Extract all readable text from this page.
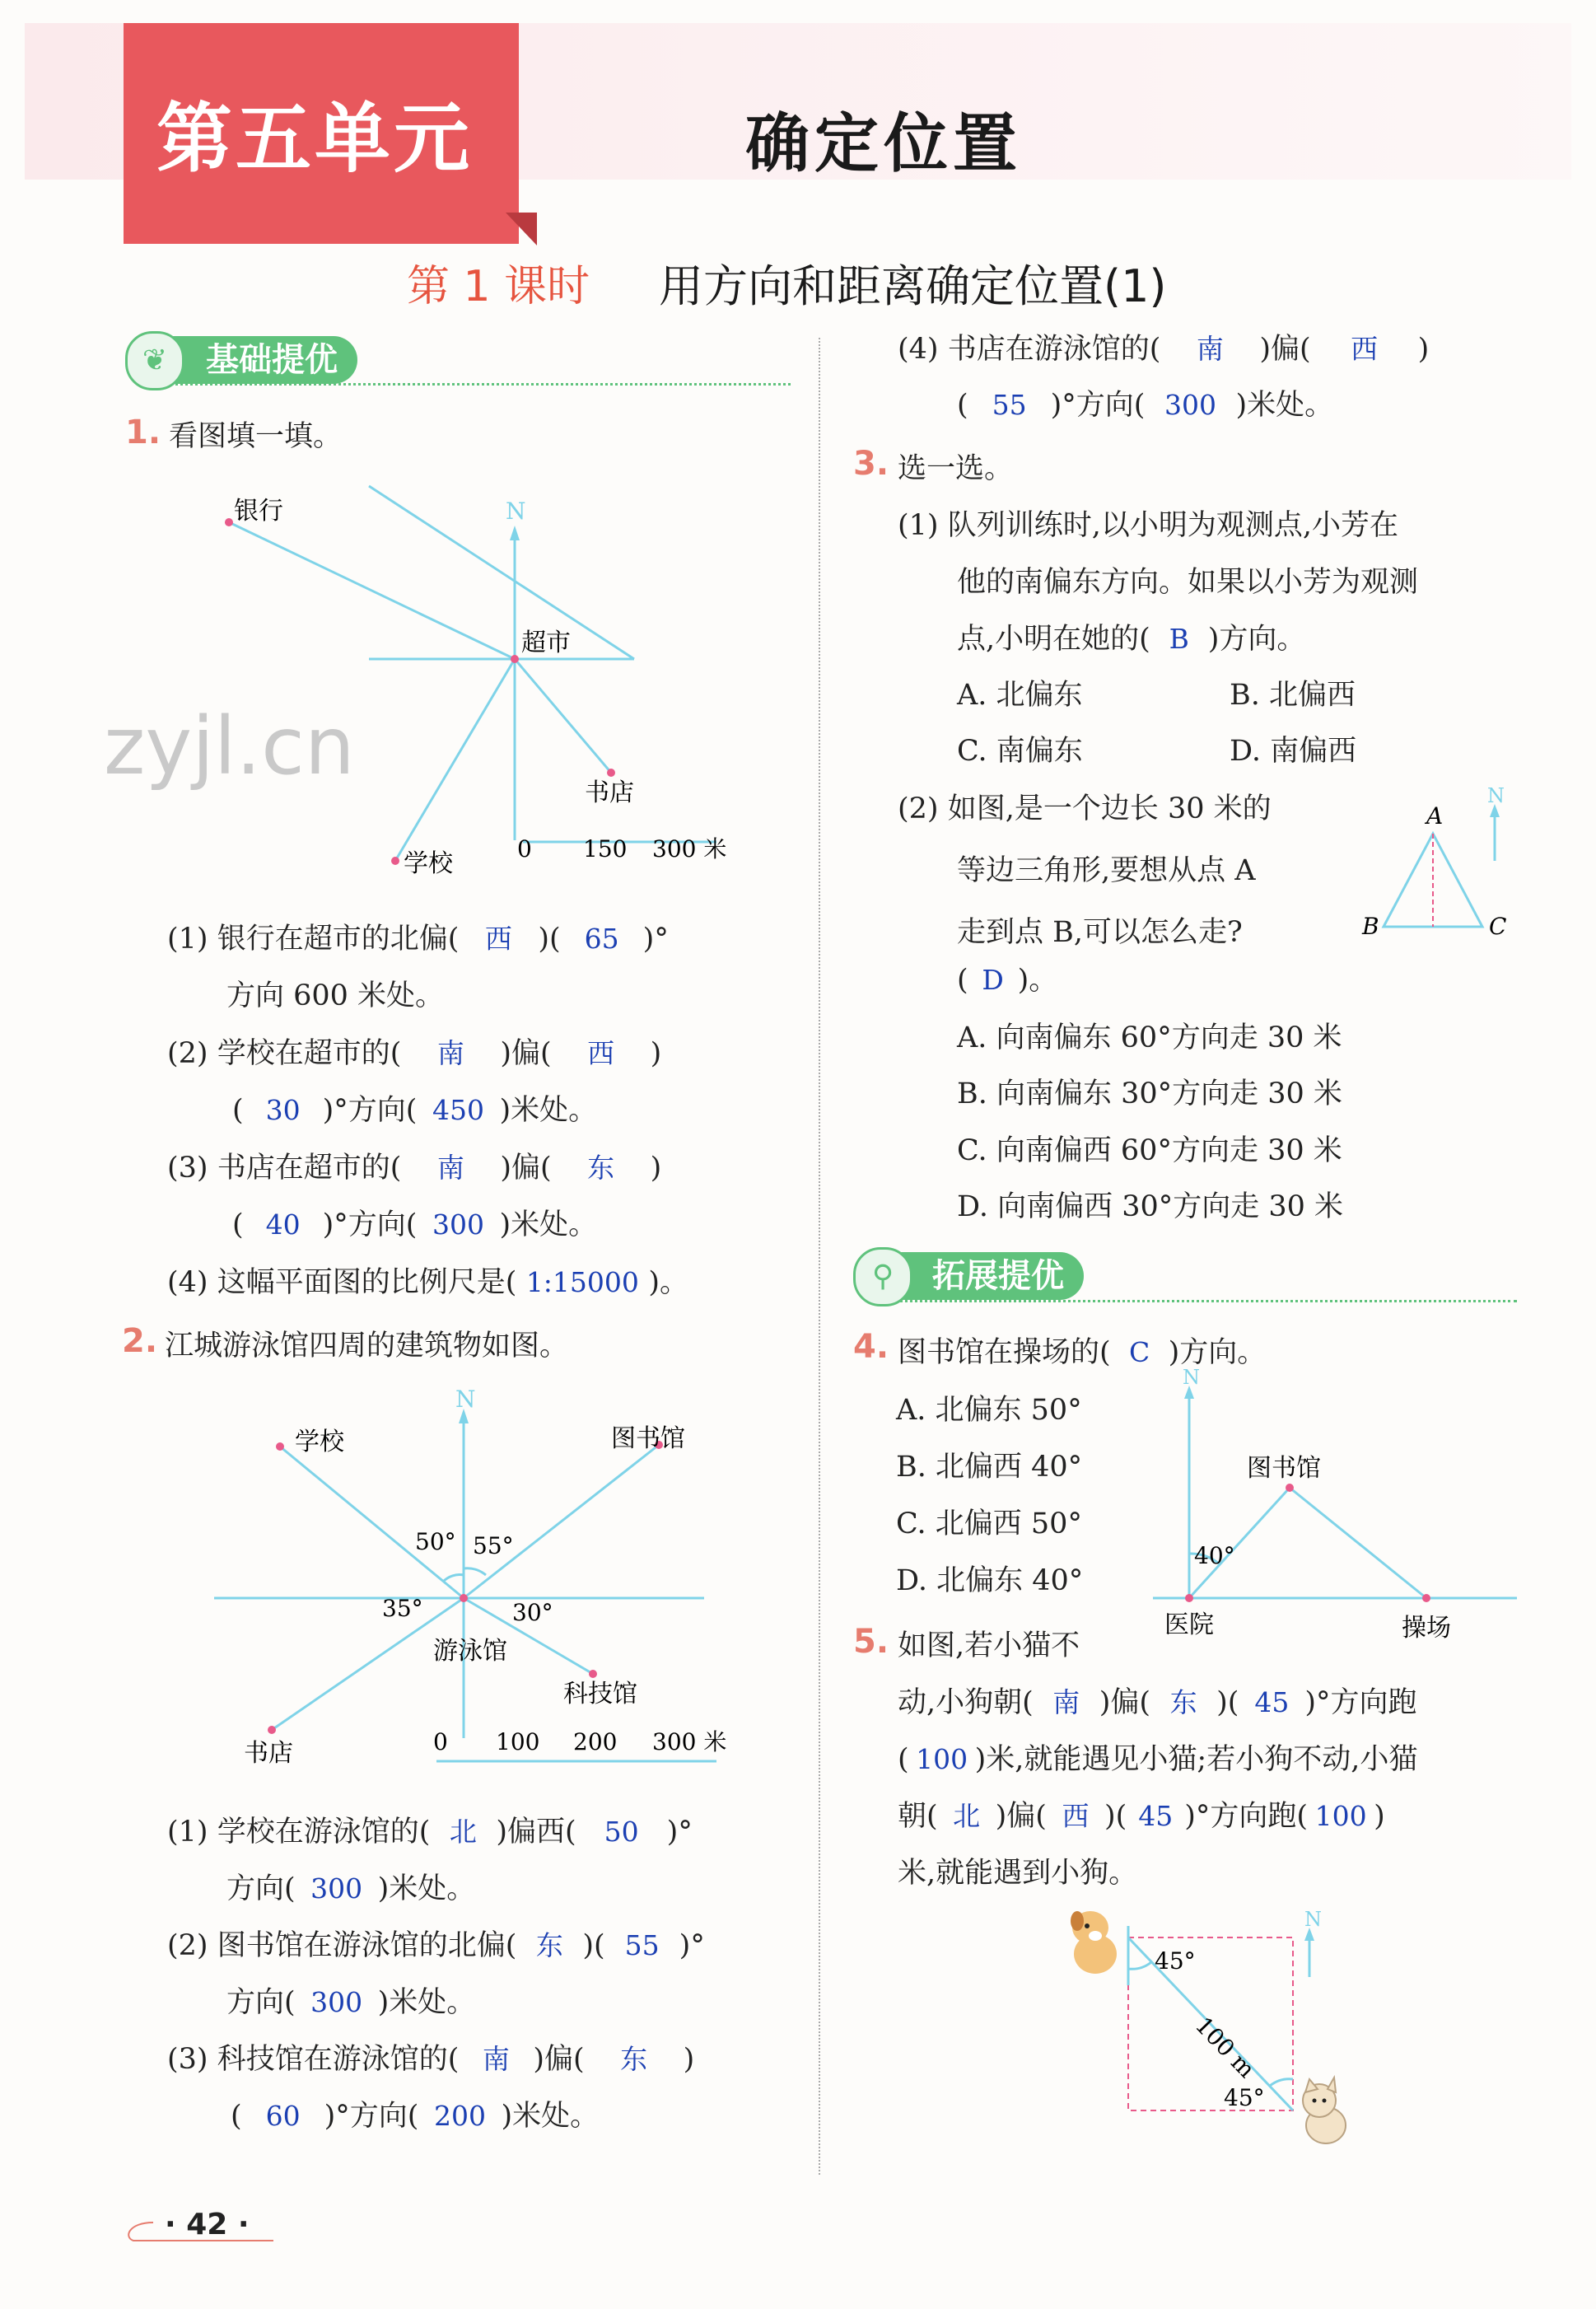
第五单元	确定位置
第 1 课时 用方向和距离确定位置(1)
zyjl.cn
基础提优
❦
1. 看图填一填。
银行	N
超市
书店
学校
0 150 300 米
(1) 银行在超市的北偏( 西 )( 65 )°
方向 600 米处。
(2) 学校在超市的( 南 )偏( 西 )
( 30 )°方向( 450 )米处。
(3) 书店在超市的( 南 )偏( 东 )
( 40 )°方向( 300 )米处。
(4) 这幅平面图的比例尺是( 1:15000 )。
2. 江城游泳馆四周的建筑物如图。
N
学校	图书馆
50° 55°
35°	30°
游泳馆
科技馆
书店	0 100 200 300 米
(1) 学校在游泳馆的( 北 )偏西( 50 )°
方向( 300 )米处。
(2) 图书馆在游泳馆的北偏( 东 )( 55 )°
方向( 300 )米处。
(3) 科技馆在游泳馆的( 南 )偏( 东 )
( 60 )°方向( 200 )米处。
(4) 书店在游泳馆的( 南 )偏( 西 )
( 55 )°方向( 300 )米处。
3. 选一选。
(1) 队列训练时,以小明为观测点,小芳在
他的南偏东方向。如果以小芳为观测
点,小明在她的( B )方向。
A. 北偏东	B. 北偏西
C. 南偏东	D. 南偏西
(2) 如图,是一个边长 30 米的
等边三角形,要想从点 A
走到点 B,可以怎么走?
( D )。
A
B	C
N
A. 向南偏东 60°方向走 30 米
B. 向南偏东 30°方向走 30 米
C. 向南偏西 60°方向走 30 米
D. 向南偏西 30°方向走 30 米
拓展提优
⚲
4. 图书馆在操场的( C )方向。
A. 北偏东 50°
B. 北偏西 40°
C. 北偏西 50°
D. 北偏东 40°
N
图书馆
40°
医院	操场
5. 如图,若小猫不
动,小狗朝( 南 )偏( 东 )( 45 )°方向跑
( 100 )米,就能遇见小猫;若小狗不动,小猫
朝( 北 )偏( 西 )( 45 )°方向跑( 100 )
米,就能遇到小狗。
N
45°
45°
100 m
· 42 ·
